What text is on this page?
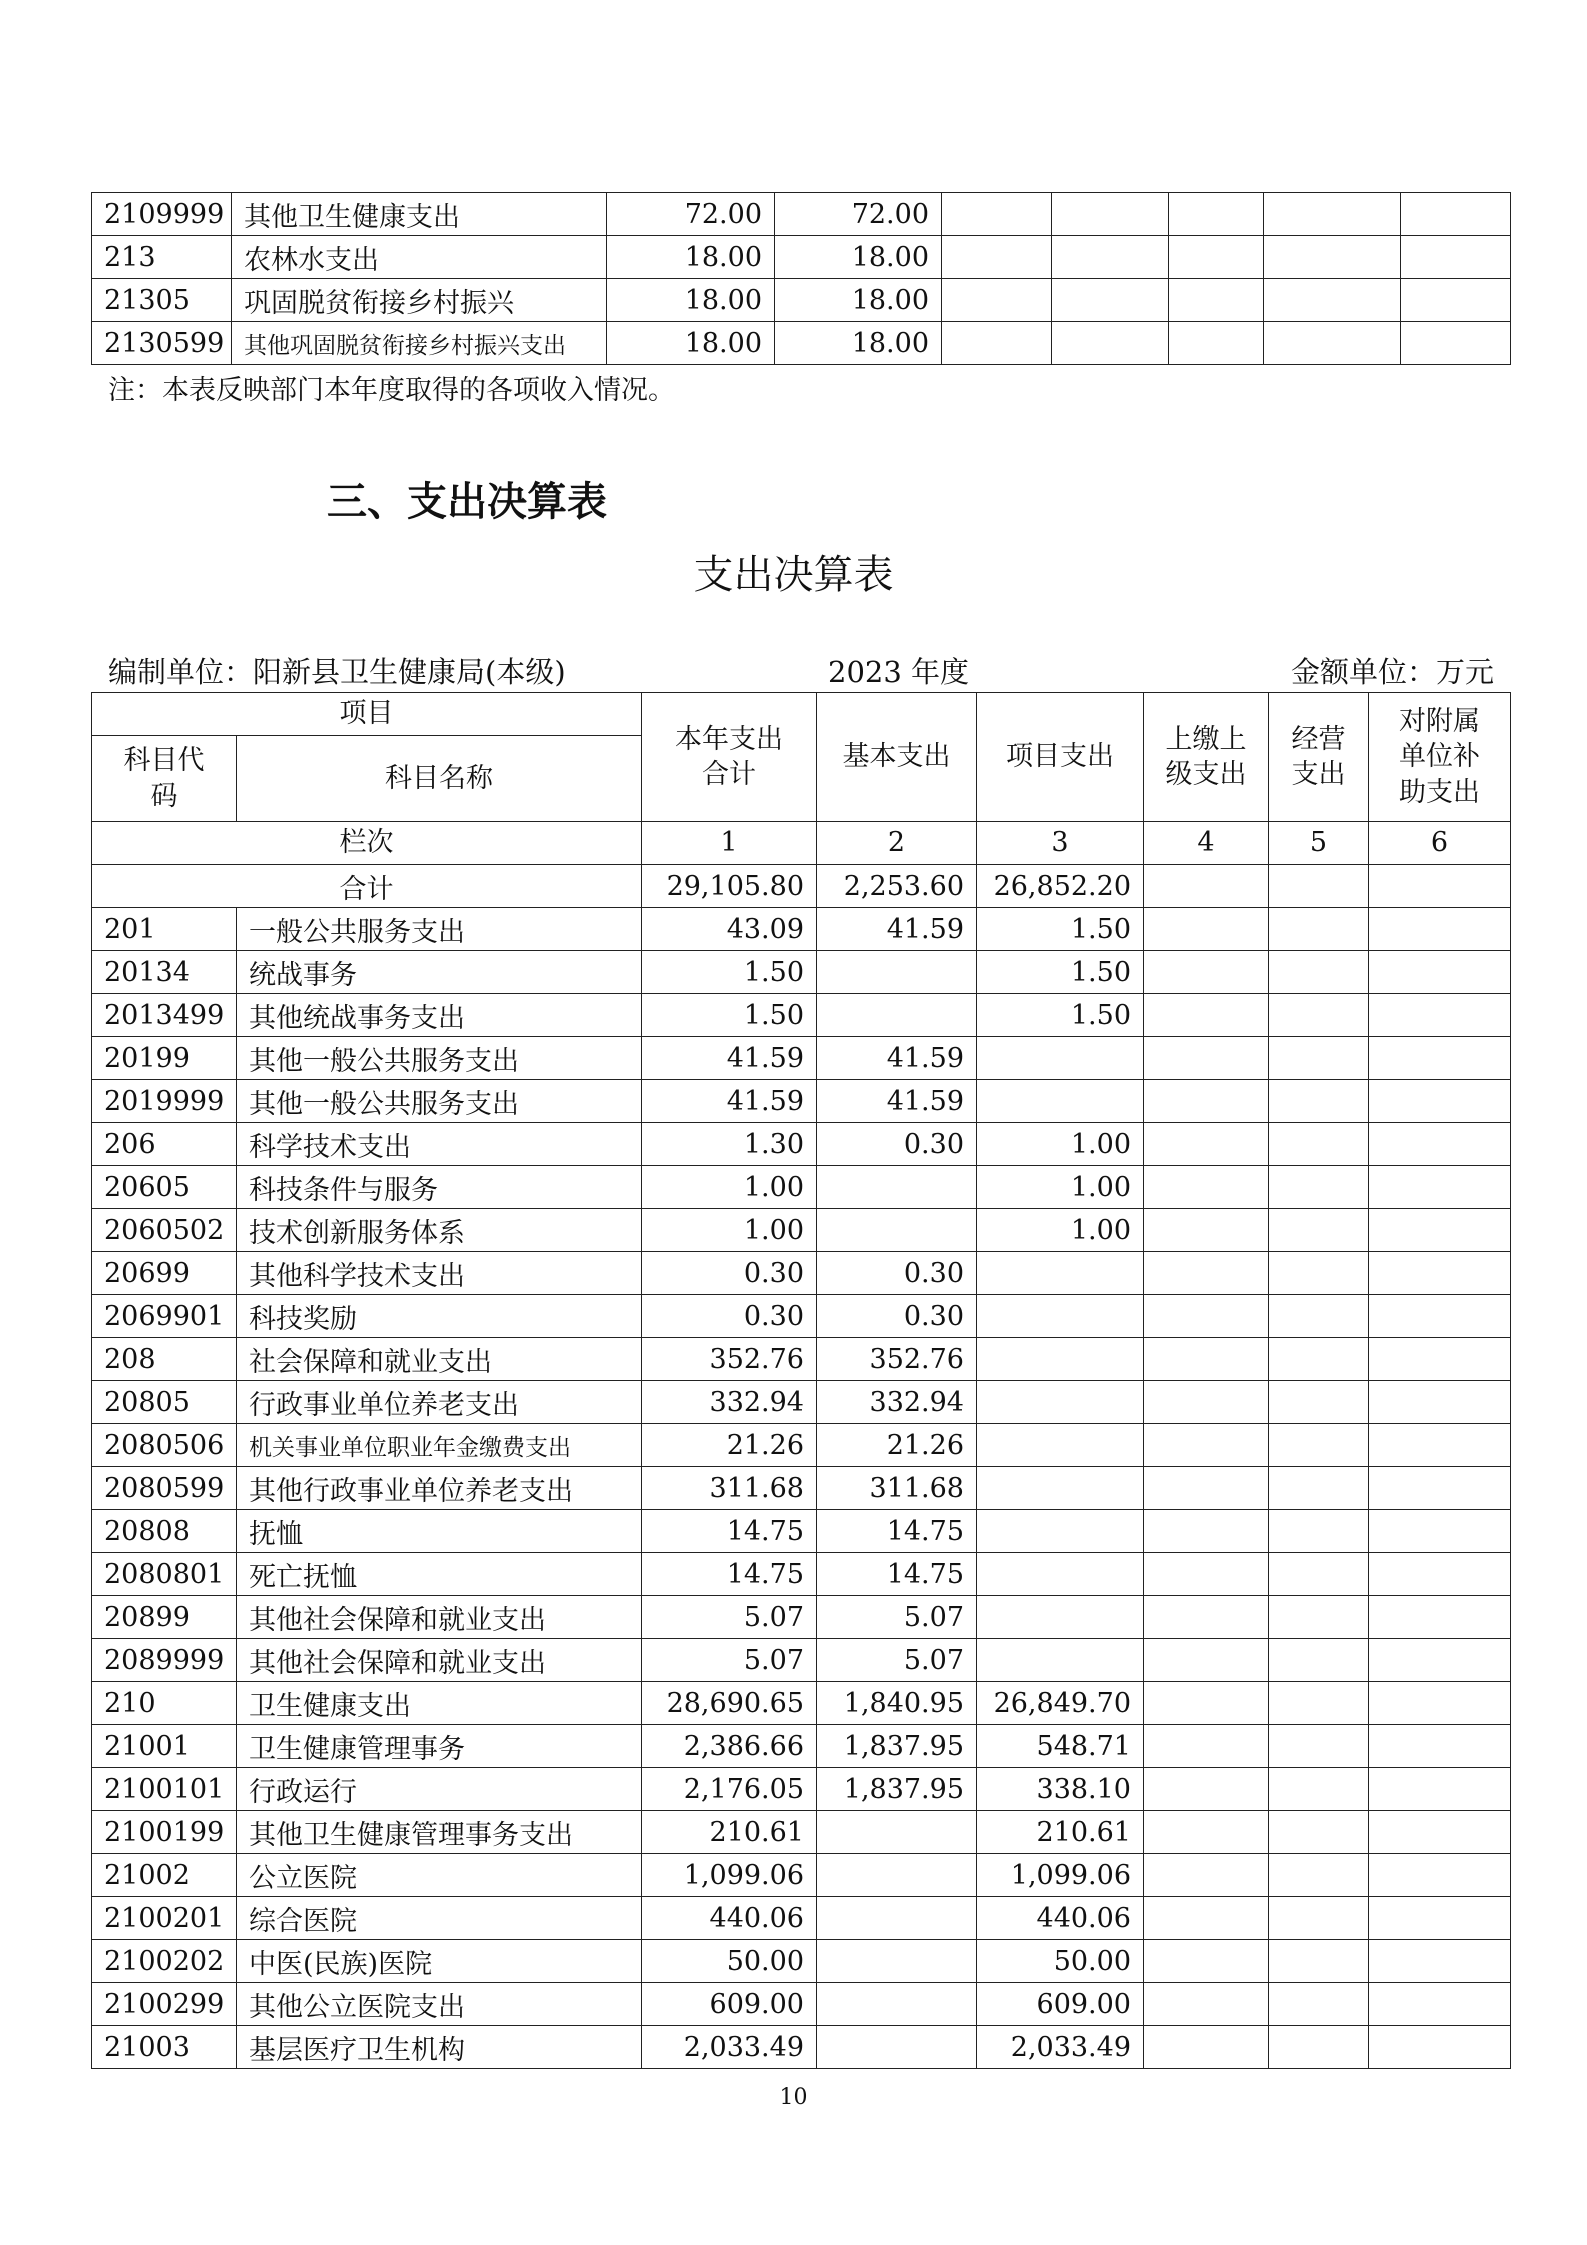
2109999	其他卫生健康支出	72.00	72.00					
213	农林水支出	18.00	18.00					
21305	巩固脱贫衔接乡村振兴	18.00	18.00					
2130599	其他巩固脱贫衔接乡村振兴支出	18.00	18.00					
注：本表反映部门本年度取得的各项收入情况。
三、支出决算表
支出决算表
编制单位：阳新县卫生健康局(本级)	2023 年度	金额单位：万元
项目		本年支出合计	基本支出	项目支出	上缴上级支出	经营支出	对附属单位补助支出
科目代码	科目名称						
栏次		1	2	3	4	5	6
合计		29,105.80	2,253.60	26,852.20			
201	一般公共服务支出	43.09	41.59	1.50			
20134	统战事务	1.50		1.50			
2013499	其他统战事务支出	1.50		1.50			
20199	其他一般公共服务支出	41.59	41.59				
2019999	其他一般公共服务支出	41.59	41.59				
206	科学技术支出	1.30	0.30	1.00			
20605	科技条件与服务	1.00		1.00			
2060502	技术创新服务体系	1.00		1.00			
20699	其他科学技术支出	0.30	0.30				
2069901	科技奖励	0.30	0.30				
208	社会保障和就业支出	352.76	352.76				
20805	行政事业单位养老支出	332.94	332.94				
2080506	机关事业单位职业年金缴费支出	21.26	21.26				
2080599	其他行政事业单位养老支出	311.68	311.68				
20808	抚恤	14.75	14.75				
2080801	死亡抚恤	14.75	14.75				
20899	其他社会保障和就业支出	5.07	5.07				
2089999	其他社会保障和就业支出	5.07	5.07				
210	卫生健康支出	28,690.65	1,840.95	26,849.70			
21001	卫生健康管理事务	2,386.66	1,837.95	548.71			
2100101	行政运行	2,176.05	1,837.95	338.10			
2100199	其他卫生健康管理事务支出	210.61		210.61			
21002	公立医院	1,099.06		1,099.06			
2100201	综合医院	440.06		440.06			
2100202	中医(民族)医院	50.00		50.00			
2100299	其他公立医院支出	609.00		609.00			
21003	基层医疗卫生机构	2,033.49		2,033.49			
10
